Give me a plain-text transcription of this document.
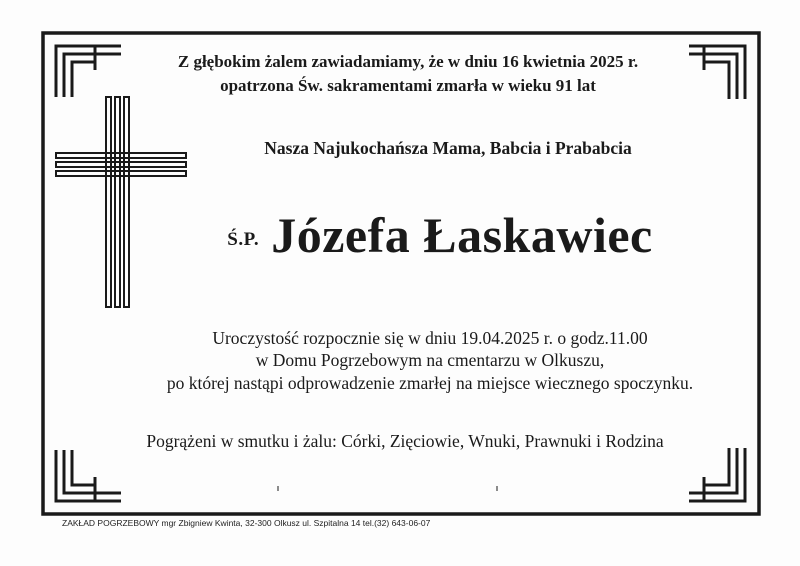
Z głębokim żalem zawiadamiamy, że w dniu 16 kwietnia 2025 r.
opatrzona Św. sakramentami zmarła w wieku 91 lat
Nasza Najukochańsza Mama, Babcia i Prababcia
Ś.P. Józefa Łaskawiec
Uroczystość rozpocznie się w dniu 19.04.2025 r. o godz.11.00
w Domu Pogrzebowym na cmentarzu w Olkuszu,
po której nastąpi odprowadzenie zmarłej na miejsce wiecznego spoczynku.
Pogrążeni w smutku i żalu: Córki, Zięciowie, Wnuki, Prawnuki i Rodzina
ZAKŁAD POGRZEBOWY mgr Zbigniew Kwinta, 32-300 Olkusz ul. Szpitalna 14 tel.(32) 643-06-07
